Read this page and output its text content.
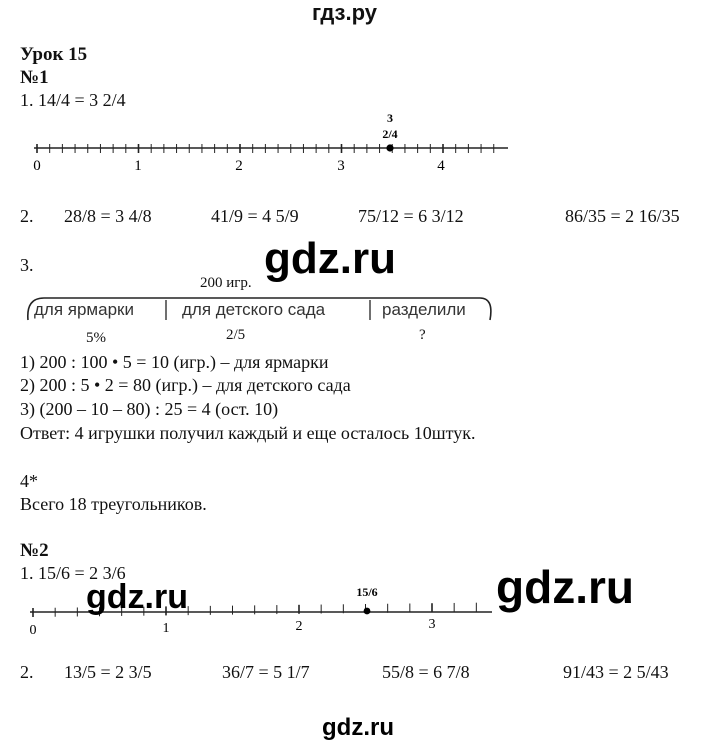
гдз.ру
Урок 15
№1
1. 14/4 = 3 2/4
3
2/4
0	1	2	3	4
2. 28/8 = 3 4/8	41/9 = 4 5/9	75/12 = 6 3/12	86/35 = 2 16/35
3.	gdz.ru
200 игр.
для ярмарки	для детского сада	разделили
5%	2/5	?
1) 200 : 100 • 5 = 10 (игр.) – для ярмарки
2) 200 : 5 • 2 = 80 (игр.) – для детского сада
3) (200 – 10 – 80) : 25 = 4 (ост. 10)
Ответ: 4 игрушки получил каждый и еще осталось 10штук.
4*
Всего 18 треугольников.
№2
1. 15/6 = 2 3/6
15/6
0	1	2	3
gdz.ru	gdz.ru
2. 13/5 = 2 3/5	36/7 = 5 1/7	55/8 = 6 7/8	91/43 = 2 5/43
gdz.ru
